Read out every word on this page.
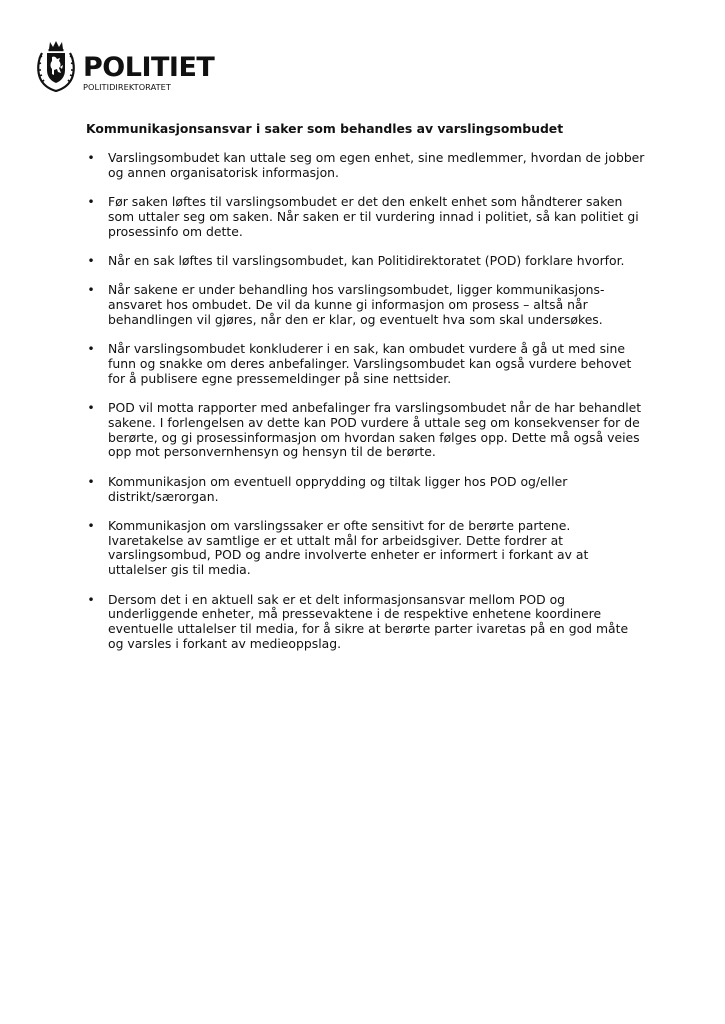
POLITIET
POLITIDIREKTORATET
Kommunikasjonsansvar i saker som behandles av varslingsombudet
• Varslingsombudet kan uttale seg om egen enhet, sine medlemmer, hvordan de jobber og annen organisatorisk informasjon.
• Før saken løftes til varslingsombudet er det den enkelt enhet som håndterer saken som uttaler seg om saken. Når saken er til vurdering innad i politiet, så kan politiet gi prosessinfo om dette.
• Når en sak løftes til varslingsombudet, kan Politidirektoratet (POD) forklare hvorfor.
• Når sakene er under behandling hos varslingsombudet, ligger kommunikasjons-ansvaret hos ombudet. De vil da kunne gi informasjon om prosess – altså når behandlingen vil gjøres, når den er klar, og eventuelt hva som skal undersøkes.
• Når varslingsombudet konkluderer i en sak, kan ombudet vurdere å gå ut med sine funn og snakke om deres anbefalinger. Varslingsombudet kan også vurdere behovet for å publisere egne pressemeldinger på sine nettsider.
• POD vil motta rapporter med anbefalinger fra varslingsombudet når de har behandlet sakene. I forlengelsen av dette kan POD vurdere å uttale seg om konsekvenser for de berørte, og gi prosessinformasjon om hvordan saken følges opp. Dette må også veies opp mot personvernhensyn og hensyn til de berørte.
• Kommunikasjon om eventuell opprydding og tiltak ligger hos POD og/eller distrikt/særorgan.
• Kommunikasjon om varslingssaker er ofte sensitivt for de berørte partene. Ivaretakelse av samtlige er et uttalt mål for arbeidsgiver. Dette fordrer at varslingsombud, POD og andre involverte enheter er informert i forkant av at uttalelser gis til media.
• Dersom det i en aktuell sak er et delt informasjonsansvar mellom POD og underliggende enheter, må pressevaktene i de respektive enhetene koordinere eventuelle uttalelser til media, for å sikre at berørte parter ivaretas på en god måte og varsles i forkant av medieoppslag.
